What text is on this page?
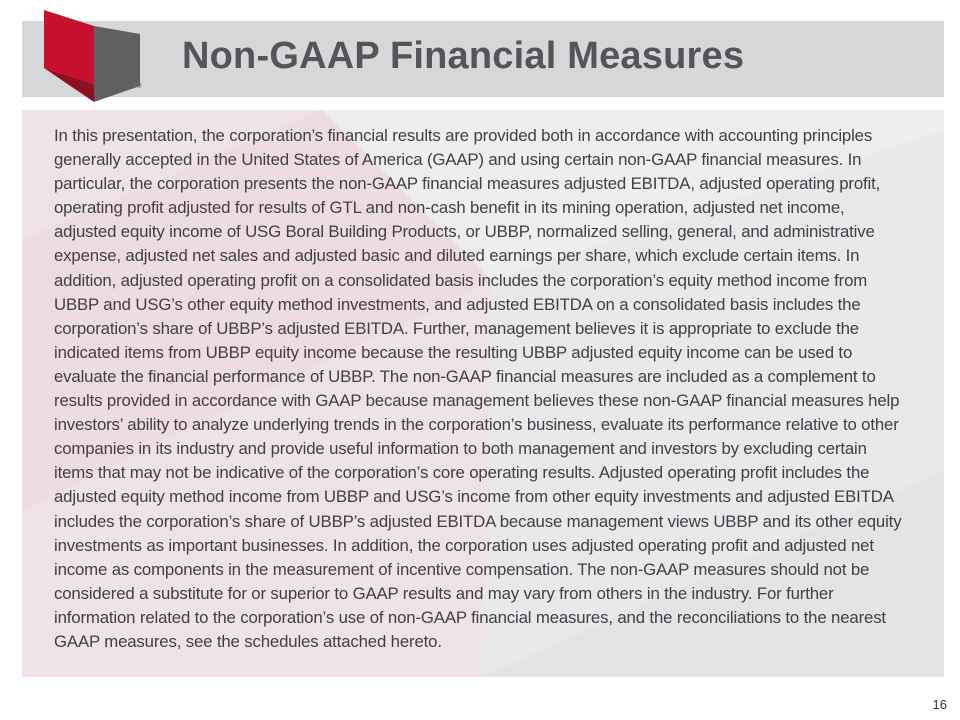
TM
Non-GAAP Financial Measures

In this presentation, the corporation’s financial results are provided both in accordance with accounting principles
generally accepted in the United States of America (GAAP) and using certain non-GAAP financial measures. In
particular, the corporation presents the non-GAAP financial measures adjusted EBITDA, adjusted operating profit,
operating profit adjusted for results of GTL and non-cash benefit in its mining operation, adjusted net income,
adjusted equity income of USG Boral Building Products, or UBBP, normalized selling, general, and administrative
expense, adjusted net sales and adjusted basic and diluted earnings per share, which exclude certain items. In
addition, adjusted operating profit on a consolidated basis includes the corporation’s equity method income from
UBBP and USG’s other equity method investments, and adjusted EBITDA on a consolidated basis includes the
corporation’s share of UBBP’s adjusted EBITDA. Further, management believes it is appropriate to exclude the
indicated items from UBBP equity income because the resulting UBBP adjusted equity income can be used to
evaluate the financial performance of UBBP. The non-GAAP financial measures are included as a complement to
results provided in accordance with GAAP because management believes these non-GAAP financial measures help
investors’ ability to analyze underlying trends in the corporation’s business, evaluate its performance relative to other
companies in its industry and provide useful information to both management and investors by excluding certain
items that may not be indicative of the corporation’s core operating results. Adjusted operating profit includes the
adjusted equity method income from UBBP and USG’s income from other equity investments and adjusted EBITDA
includes the corporation’s share of UBBP’s adjusted EBITDA because management views UBBP and its other equity
investments as important businesses. In addition, the corporation uses adjusted operating profit and adjusted net
income as components in the measurement of incentive compensation. The non-GAAP measures should not be
considered a substitute for or superior to GAAP results and may vary from others in the industry. For further
information related to the corporation’s use of non-GAAP financial measures, and the reconciliations to the nearest
GAAP measures, see the schedules attached hereto.

16
